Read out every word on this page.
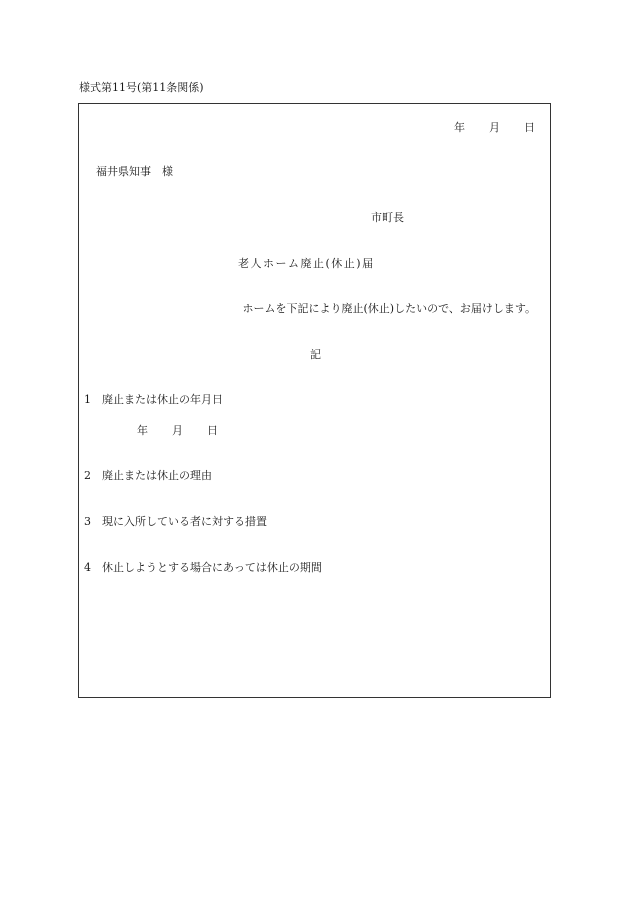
様式第11号(第11条関係)
年 月 日
福井県知事　様
市町長
老人ホーム廃止(休止)届
ホームを下記により廃止(休止)したいので、お届けします。
記
1 廃止または休止の年月日
年 月 日
2 廃止または休止の理由
3 現に入所している者に対する措置
4 休止しようとする場合にあっては休止の期間
